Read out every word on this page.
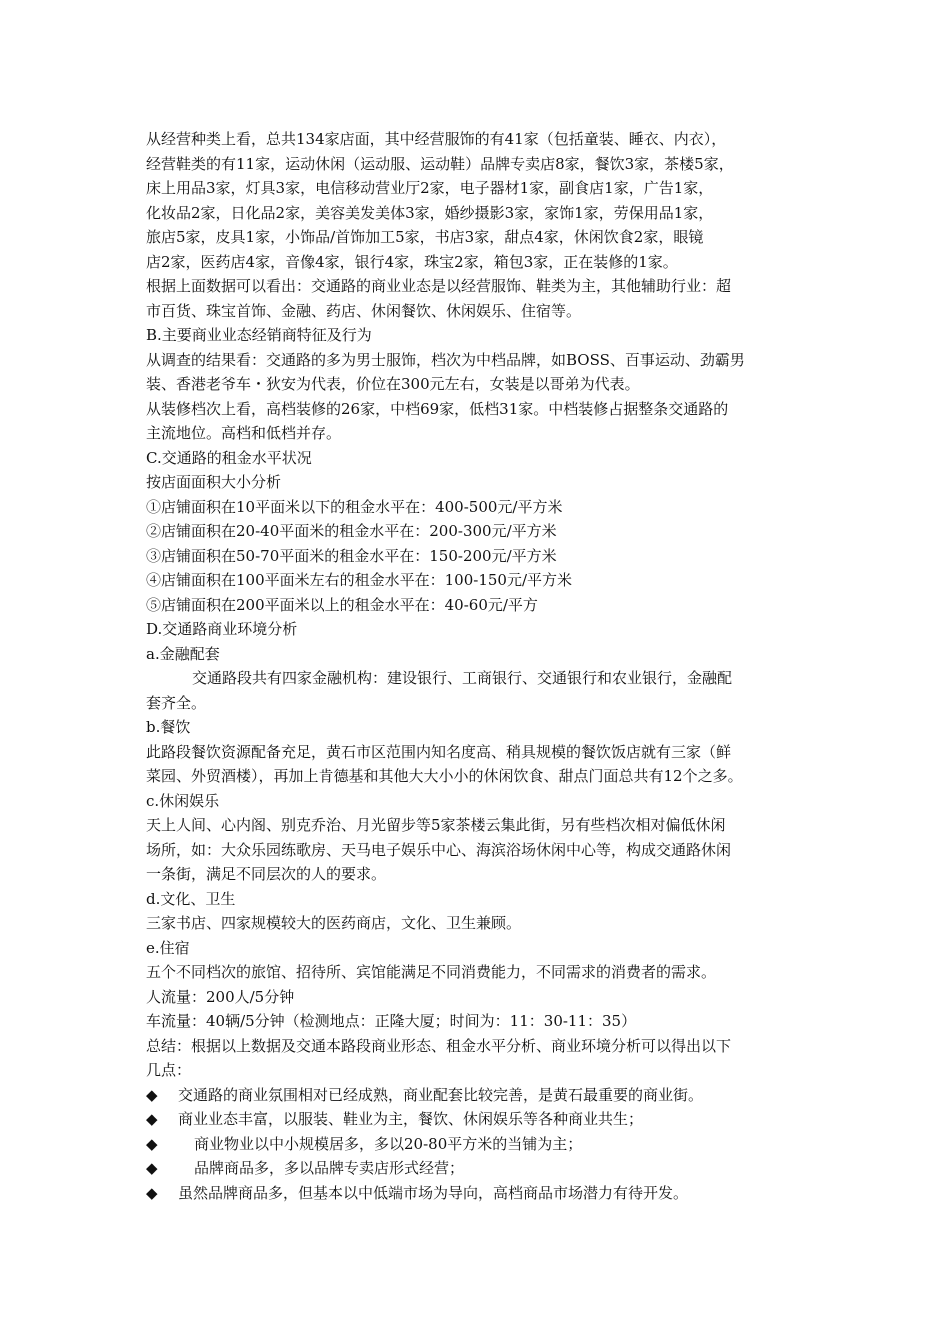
从经营种类上看，总共134家店面，其中经营服饰的有41家（包括童装、睡衣、内衣），

经营鞋类的有11家，运动休闲（运动服、运动鞋）品牌专卖店8家，餐饮3家，茶楼5家，

床上用品3家，灯具3家，电信移动营业厅2家，电子器材1家，副食店1家，广告1家，

化妆品2家，日化品2家，美容美发美体3家，婚纱摄影3家，家饰1家，劳保用品1家，

旅店5家，皮具1家，小饰品/首饰加工5家，书店3家，甜点4家，休闲饮食2家，眼镜

店2家，医药店4家，音像4家，银行4家，珠宝2家，箱包3家，正在装修的1家。

根据上面数据可以看出：交通路的商业业态是以经营服饰、鞋类为主，其他辅助行业：超

市百货、珠宝首饰、金融、药店、休闲餐饮、休闲娱乐、住宿等。

B.主要商业业态经销商特征及行为

从调查的结果看：交通路的多为男士服饰，档次为中档品牌，如BOSS、百事运动、劲霸男

装、香港老爷车・狄安为代表，价位在300元左右，女装是以哥弟为代表。

从装修档次上看，高档装修的26家，中档69家，低档31家。中档装修占据整条交通路的

主流地位。高档和低档并存。

C.交通路的租金水平状况

按店面面积大小分析

①店铺面积在10平面米以下的租金水平在：400-500元/平方米

②店铺面积在20-40平面米的租金水平在：200-300元/平方米

③店铺面积在50-70平面米的租金水平在：150-200元/平方米

④店铺面积在100平面米左右的租金水平在：100-150元/平方米

⑤店铺面积在200平面米以上的租金水平在：40-60元/平方

D.交通路商业环境分析

a.金融配套

交通路段共有四家金融机构：建设银行、工商银行、交通银行和农业银行，金融配

套齐全。

b.餐饮

此路段餐饮资源配备充足，黄石市区范围内知名度高、稍具规模的餐饮饭店就有三家（鲜

菜园、外贸酒楼），再加上肯德基和其他大大小小的休闲饮食、甜点门面总共有12个之多。

c.休闲娱乐

天上人间、心内阁、别克乔治、月光留步等5家茶楼云集此街，另有些档次相对偏低休闲

场所，如：大众乐园练歌房、天马电子娱乐中心、海滨浴场休闲中心等，构成交通路休闲

一条街，满足不同层次的人的要求。

d.文化、卫生

三家书店、四家规模较大的医药商店，文化、卫生兼顾。

e.住宿

五个不同档次的旅馆、招待所、宾馆能满足不同消费能力，不同需求的消费者的需求。

人流量：200人/5分钟

车流量：40辆/5分钟（检测地点：正隆大厦；时间为：11：30-11：35）

总结：根据以上数据及交通本路段商业形态、租金水平分析、商业环境分析可以得出以下

几点：

◆	交通路的商业氛围相对已经成熟，商业配套比较完善，是黄石最重要的商业街。
◆	商业业态丰富，以服装、鞋业为主，餐饮、休闲娱乐等各种商业共生；
◆	商业物业以中小规模居多，多以20-80平方米的当铺为主；
◆	品牌商品多，多以品牌专卖店形式经营；
◆	虽然品牌商品多，但基本以中低端市场为导向，高档商品市场潜力有待开发。
